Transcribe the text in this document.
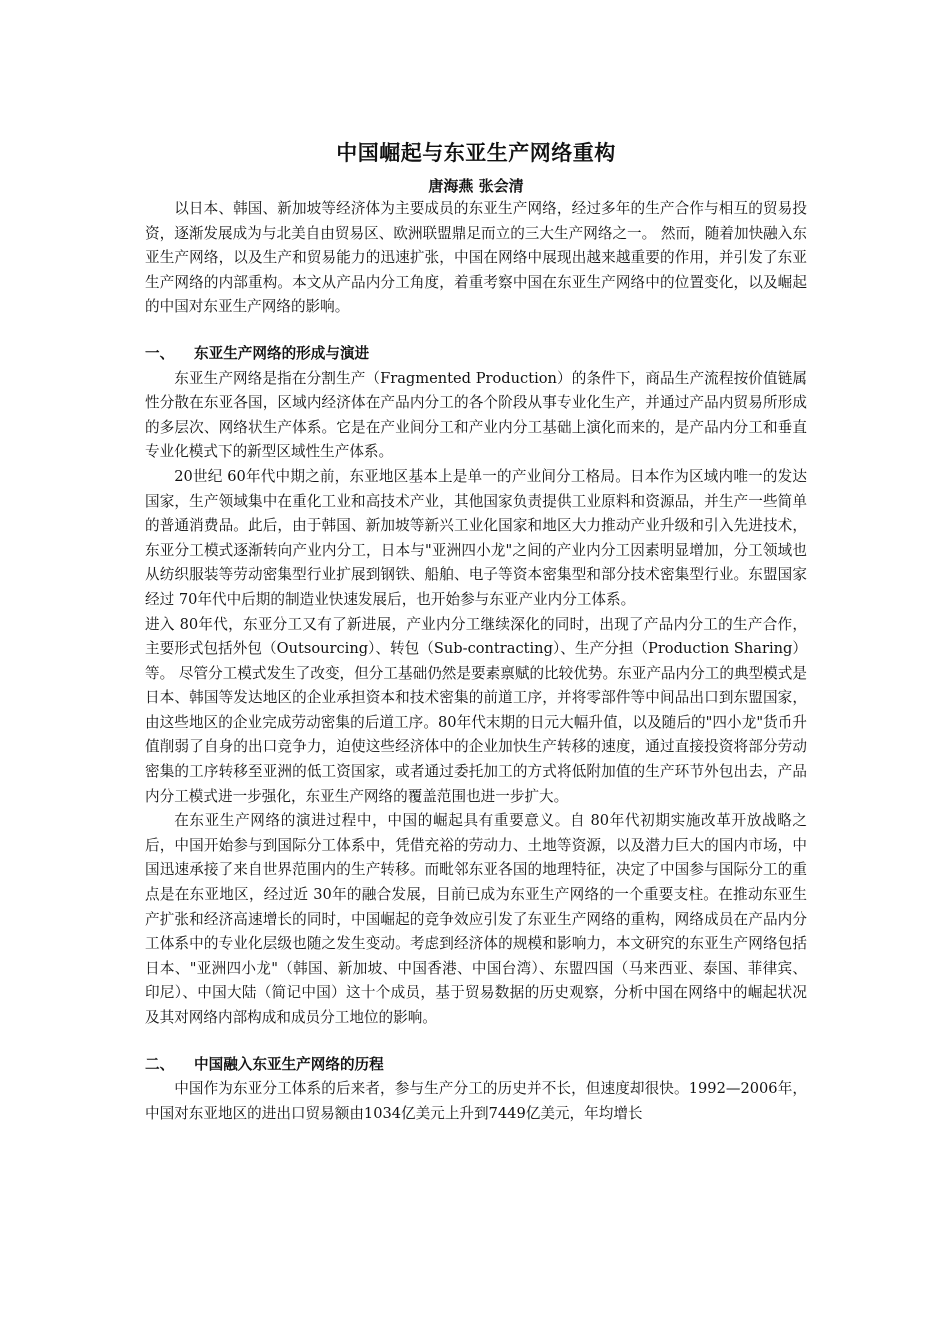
中国崛起与东亚生产网络重构
唐海燕 张会清

以日本、韩国、新加坡等经济体为主要成员的东亚生产网络，经过多年的生产合作与相互的贸易投资，逐渐发展成为与北美自由贸易区、欧洲联盟鼎足而立的三大生产网络之一。 然而，随着加快融入东亚生产网络，以及生产和贸易能力的迅速扩张，中国在网络中展现出越来越重要的作用，并引发了东亚生产网络的内部重构。本文从产品内分工角度，着重考察中国在东亚生产网络中的位置变化，以及崛起的中国对东亚生产网络的影响。

一、 东亚生产网络的形成与演进

东亚生产网络是指在分割生产（Fragmented Production）的条件下，商品生产流程按价值链属性分散在东亚各国，区域内经济体在产品内分工的各个阶段从事专业化生产，并通过产品内贸易所形成的多层次、网络状生产体系。它是在产业间分工和产业内分工基础上演化而来的，是产品内分工和垂直专业化模式下的新型区域性生产体系。

20世纪 60年代中期之前，东亚地区基本上是单一的产业间分工格局。日本作为区域内唯一的发达国家，生产领域集中在重化工业和高技术产业，其他国家负责提供工业原料和资源品，并生产一些简单的普通消费品。此后，由于韩国、新加坡等新兴工业化国家和地区大力推动产业升级和引入先进技术，东亚分工模式逐渐转向产业内分工，日本与"亚洲四小龙"之间的产业内分工因素明显增加，分工领域也从纺织服装等劳动密集型行业扩展到钢铁、船舶、电子等资本密集型和部分技术密集型行业。东盟国家经过 70年代中后期的制造业快速发展后，也开始参与东亚产业内分工体系。

进入 80年代，东亚分工又有了新进展，产业内分工继续深化的同时，出现了产品内分工的生产合作，主要形式包括外包（Outsourcing）、转包（Sub-contracting）、生产分担（Production Sharing）等。 尽管分工模式发生了改变，但分工基础仍然是要素禀赋的比较优势。东亚产品内分工的典型模式是日本、韩国等发达地区的企业承担资本和技术密集的前道工序，并将零部件等中间品出口到东盟国家，由这些地区的企业完成劳动密集的后道工序。80年代末期的日元大幅升值，以及随后的"四小龙"货币升值削弱了自身的出口竞争力，迫使这些经济体中的企业加快生产转移的速度，通过直接投资将部分劳动密集的工序转移至亚洲的低工资国家，或者通过委托加工的方式将低附加值的生产环节外包出去，产品内分工模式进一步强化，东亚生产网络的覆盖范围也进一步扩大。

在东亚生产网络的演进过程中，中国的崛起具有重要意义。自 80年代初期实施改革开放战略之后，中国开始参与到国际分工体系中，凭借充裕的劳动力、土地等资源，以及潜力巨大的国内市场，中国迅速承接了来自世界范围内的生产转移。而毗邻东亚各国的地理特征，决定了中国参与国际分工的重点是在东亚地区，经过近 30年的融合发展，目前已成为东亚生产网络的一个重要支柱。在推动东亚生产扩张和经济高速增长的同时，中国崛起的竞争效应引发了东亚生产网络的重构，网络成员在产品内分工体系中的专业化层级也随之发生变动。考虑到经济体的规模和影响力，本文研究的东亚生产网络包括日本、"亚洲四小龙"（韩国、新加坡、中国香港、中国台湾）、东盟四国（马来西亚、泰国、菲律宾、印尼）、中国大陆（简记中国）这十个成员，基于贸易数据的历史观察，分析中国在网络中的崛起状况及其对网络内部构成和成员分工地位的影响。

二、 中国融入东亚生产网络的历程

中国作为东亚分工体系的后来者，参与生产分工的历史并不长，但速度却很快。1992—2006年，中国对东亚地区的进出口贸易额由1034亿美元上升到7449亿美元，年均增长
